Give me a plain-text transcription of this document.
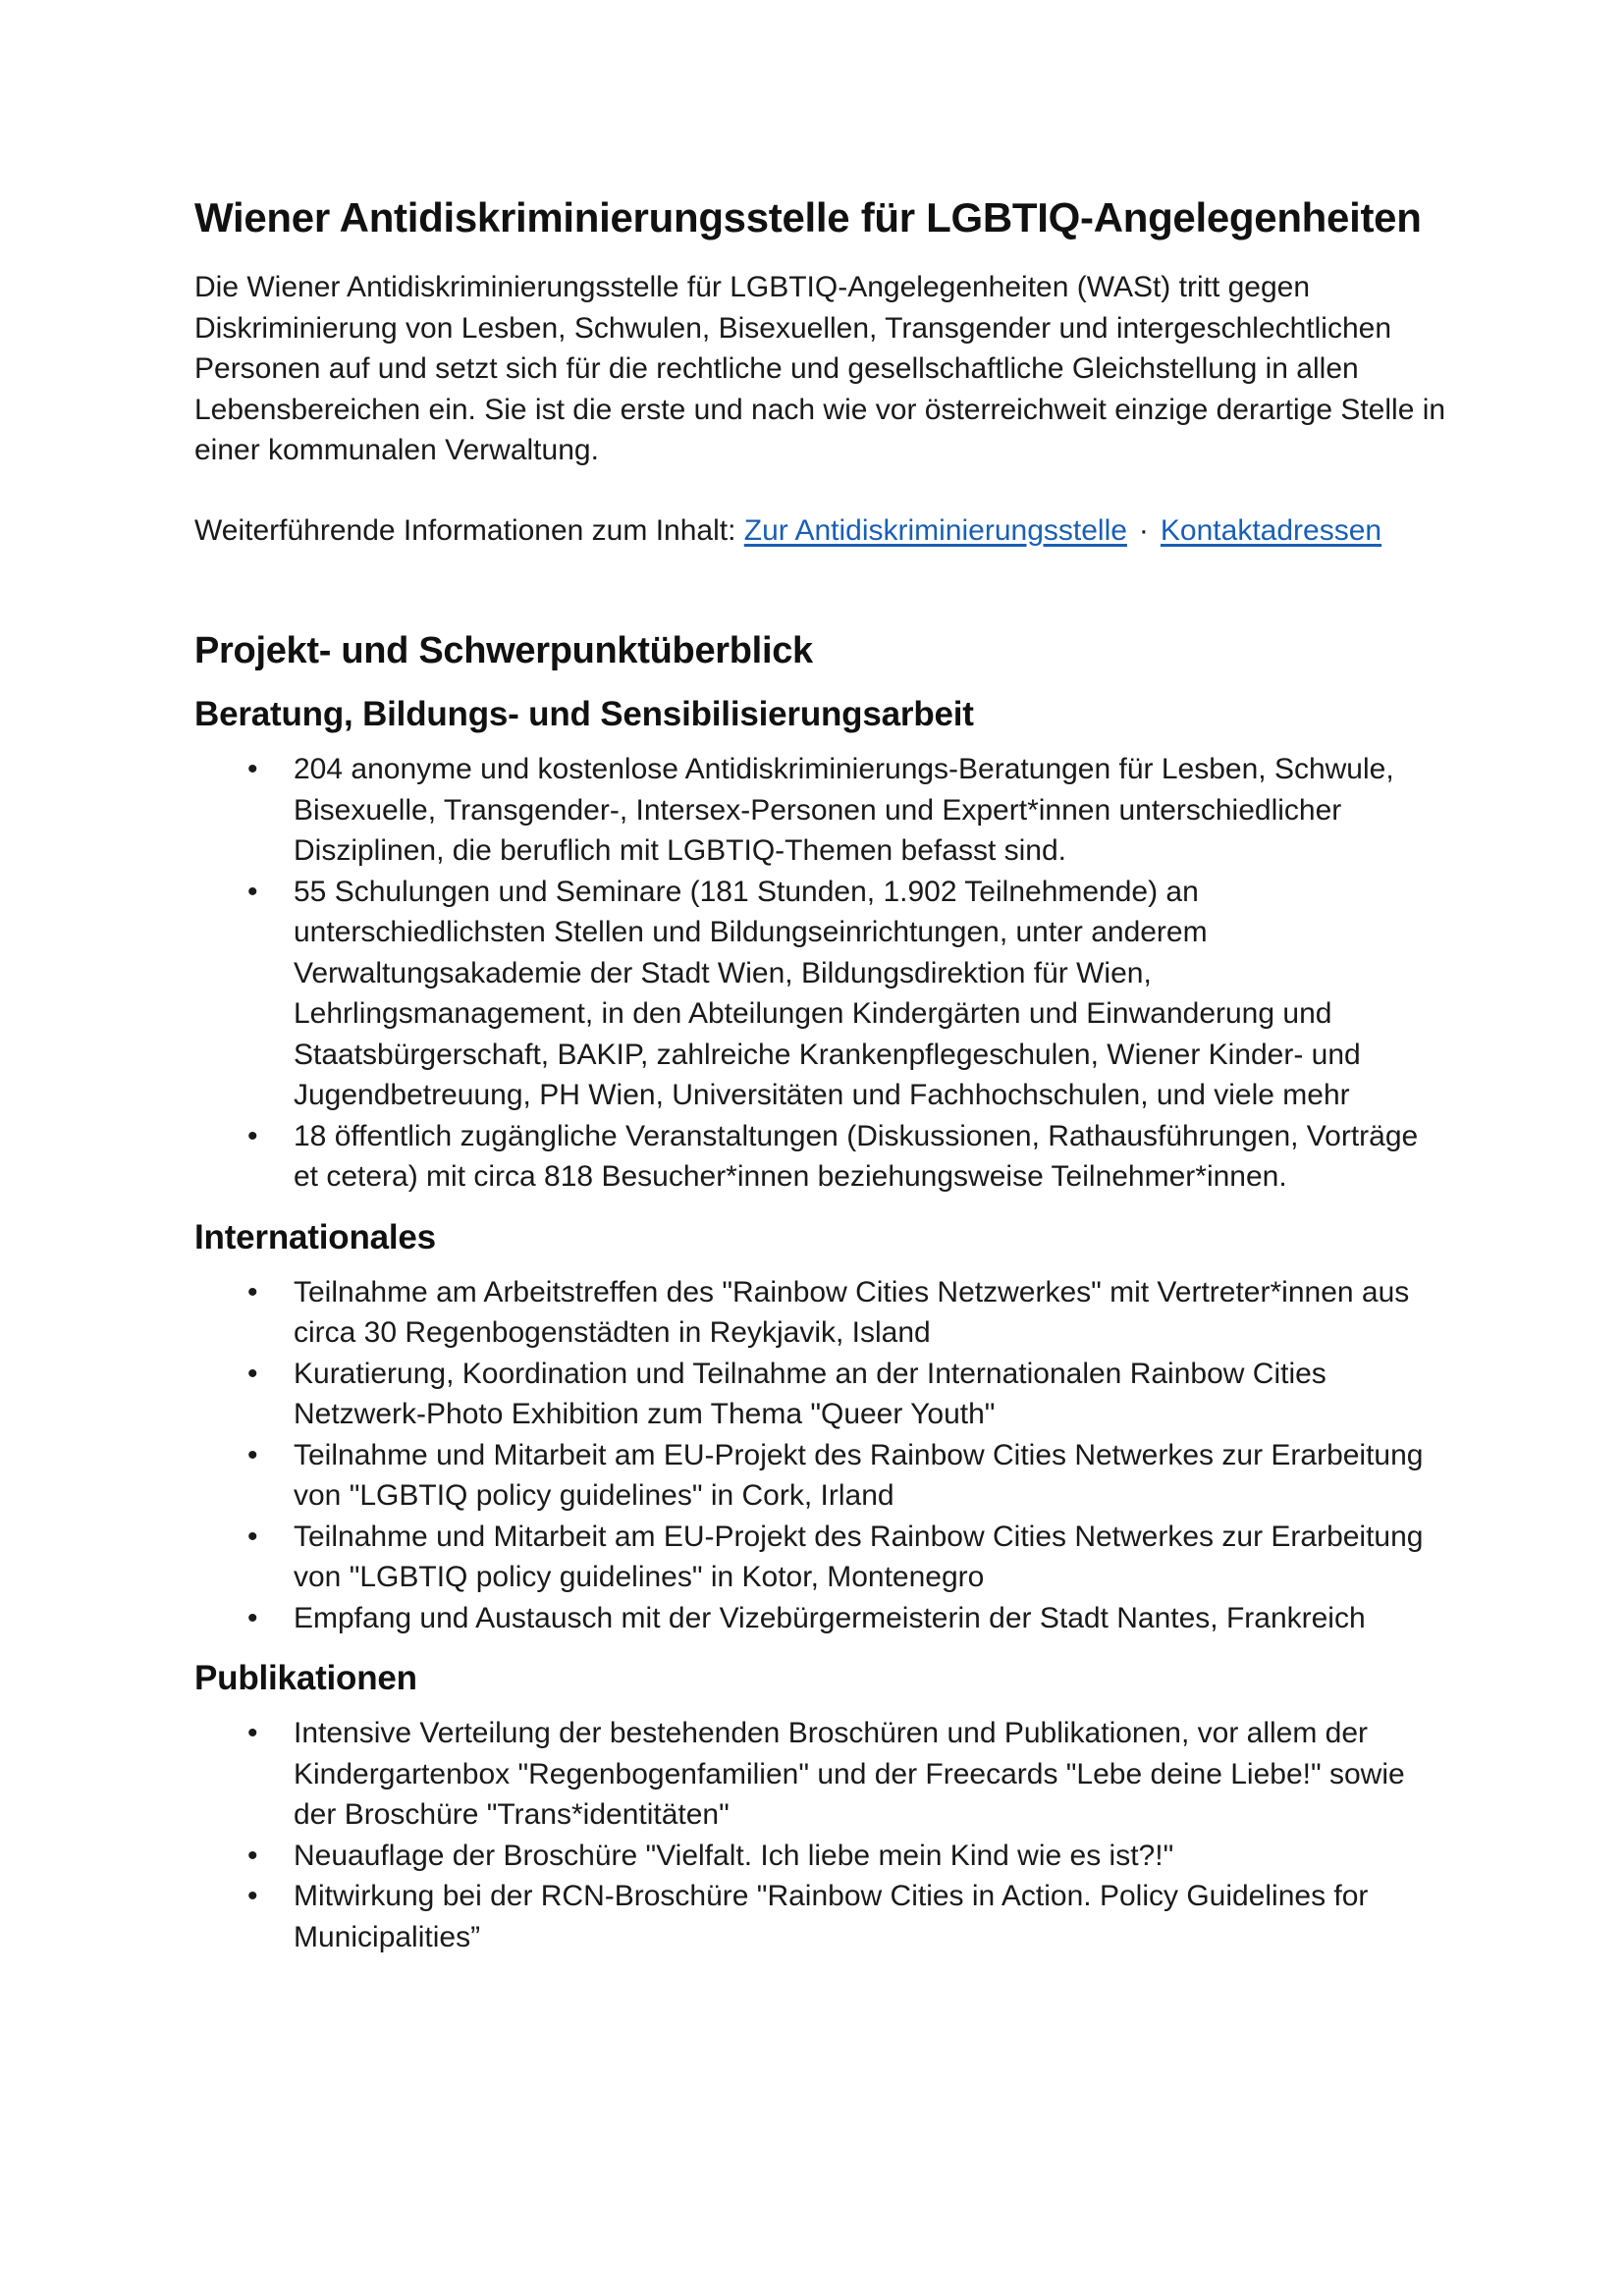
Wiener Antidiskriminierungsstelle für LGBTIQ-Angelegenheiten

Die Wiener Antidiskriminierungsstelle für LGBTIQ-Angelegenheiten (WASt) tritt gegen Diskriminierung von Lesben, Schwulen, Bisexuellen, Transgender und intergeschlechtlichen Personen auf und setzt sich für die rechtliche und gesellschaftliche Gleichstellung in allen Lebensbereichen ein. Sie ist die erste und nach wie vor österreichweit einzige derartige Stelle in einer kommunalen Verwaltung.

Weiterführende Informationen zum Inhalt: Zur Antidiskriminierungsstelle · Kontaktadressen

Projekt- und Schwerpunktüberblick
Beratung, Bildungs- und Sensibilisierungsarbeit
• 204 anonyme und kostenlose Antidiskriminierungs-Beratungen für Lesben, Schwule, Bisexuelle, Transgender-, Intersex-Personen und Expert*innen unterschiedlicher Disziplinen, die beruflich mit LGBTIQ-Themen befasst sind.
• 55 Schulungen und Seminare (181 Stunden, 1.902 Teilnehmende) an unterschiedlichsten Stellen und Bildungseinrichtungen, unter anderem Verwaltungsakademie der Stadt Wien, Bildungsdirektion für Wien, Lehrlingsmanagement, in den Abteilungen Kindergärten und Einwanderung und Staatsbürgerschaft, BAKIP, zahlreiche Krankenpflegeschulen, Wiener Kinder- und Jugendbetreuung, PH Wien, Universitäten und Fachhochschulen, und viele mehr
• 18 öffentlich zugängliche Veranstaltungen (Diskussionen, Rathausführungen, Vorträge et cetera) mit circa 818 Besucher*innen beziehungsweise Teilnehmer*innen.
Internationales
• Teilnahme am Arbeitstreffen des "Rainbow Cities Netzwerkes" mit Vertreter*innen aus circa 30 Regenbogenstädten in Reykjavik, Island
• Kuratierung, Koordination und Teilnahme an der Internationalen Rainbow Cities Netzwerk-Photo Exhibition zum Thema "Queer Youth"
• Teilnahme und Mitarbeit am EU-Projekt des Rainbow Cities Netwerkes zur Erarbeitung von "LGBTIQ policy guidelines" in Cork, Irland
• Teilnahme und Mitarbeit am EU-Projekt des Rainbow Cities Netwerkes zur Erarbeitung von "LGBTIQ policy guidelines" in Kotor, Montenegro
• Empfang und Austausch mit der Vizebürgermeisterin der Stadt Nantes, Frankreich
Publikationen
• Intensive Verteilung der bestehenden Broschüren und Publikationen, vor allem der Kindergartenbox "Regenbogenfamilien" und der Freecards "Lebe deine Liebe!" sowie der Broschüre "Trans*identitäten"
• Neuauflage der Broschüre "Vielfalt. Ich liebe mein Kind wie es ist?!"
• Mitwirkung bei der RCN-Broschüre "Rainbow Cities in Action. Policy Guidelines for Municipalities”
